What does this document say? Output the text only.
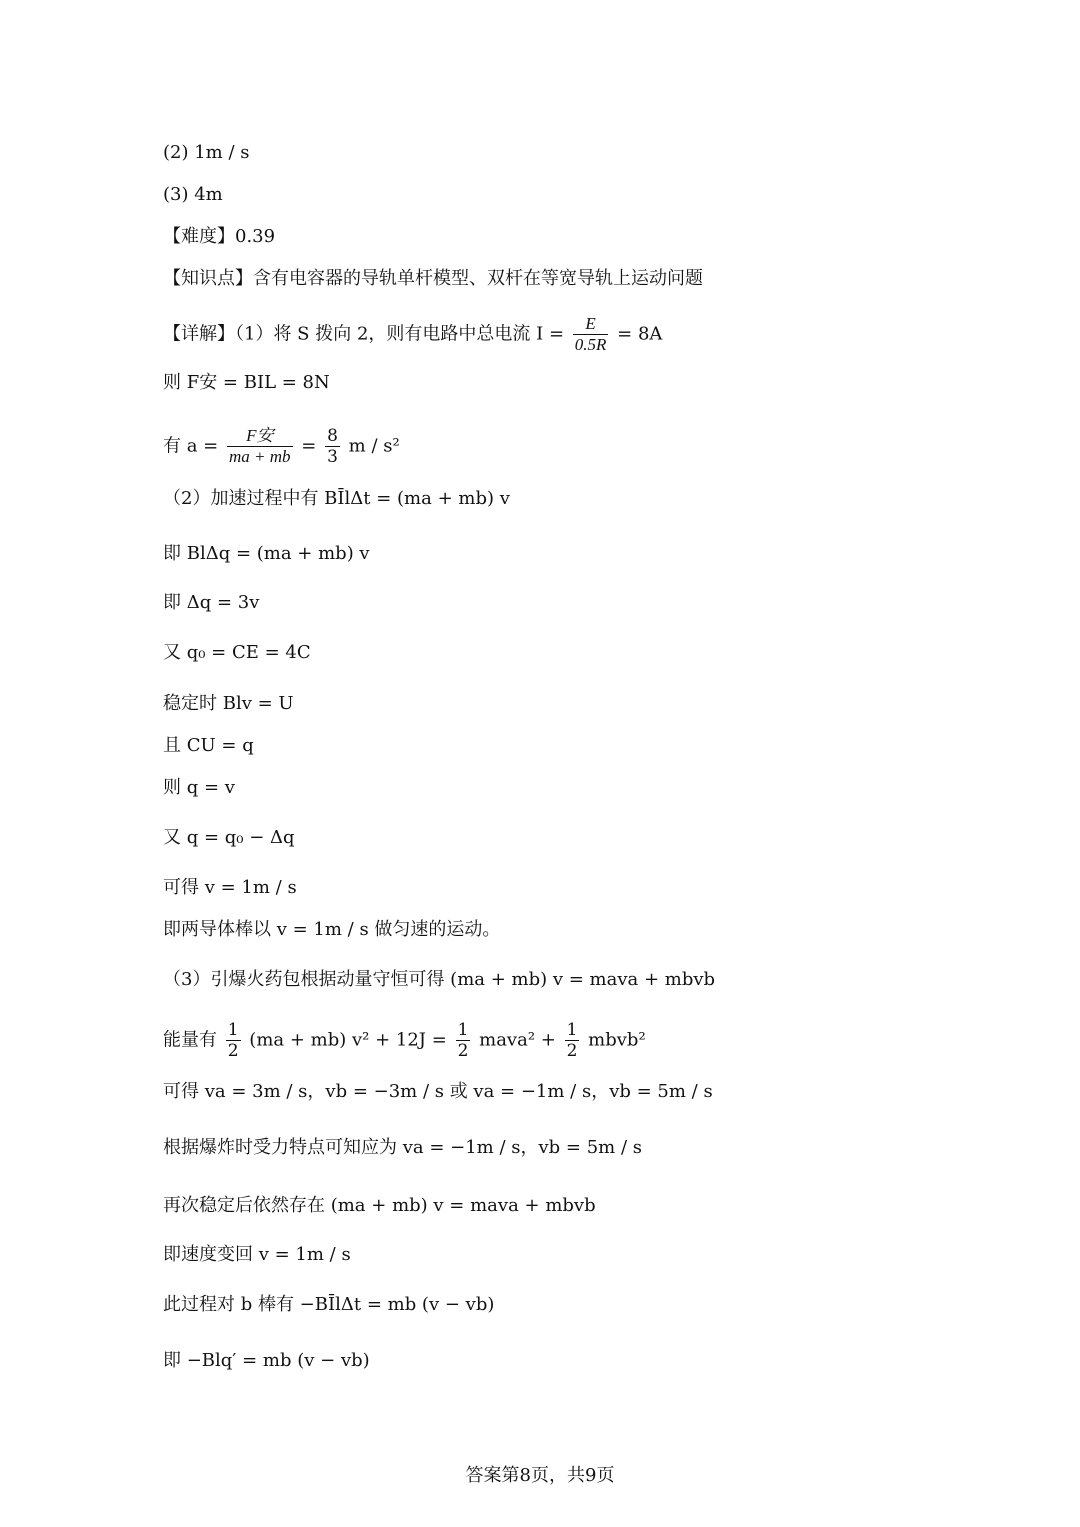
(2) 1m / s
(3) 4m
【难度】0.39
【知识点】含有电容器的导轨单杆模型、双杆在等宽导轨上运动问题
【详解】（1）将 S 拨向 2，则有电路中总电流 $I = \frac{E}{0.5R} = 8A$
则 F安 = BIL = 8N
有 $a = \frac{\text{F安}}{ma + mb} = \frac{8}{3}$ m / s²
（2）加速过程中有 BĪlΔt = (ma + mb) v
即 BlΔq = (ma + mb) v
即 Δq = 3v
又 q₀ = CE = 4C
稳定时 Blv = U
且 CU = q
则 q = v
又 q = q₀ − Δq
可得 v = 1m / s
即两导体棒以 v = 1m / s 做匀速的运动。
（3）引爆火药包根据动量守恒可得 (ma + mb) v = mava + mbvb
能量有 $\frac{1}{2} (ma + mb) v^2 + 12J = \frac{1}{2}$ mava² + $\frac{1}{2}$ mbvb²
可得 va = 3m / s，vb = −3m / s 或 va = −1m / s，vb = 5m / s
根据爆炸时受力特点可知应为 va = −1m / s，vb = 5m / s
再次稳定后依然存在 (ma + mb) v = mava + mbvb
即速度变回 v = 1m / s
此过程对 b 棒有 −BĪlΔt = mb (v − vb)
即 −Blq′ = mb (v − vb)
答案第8页，共9页
